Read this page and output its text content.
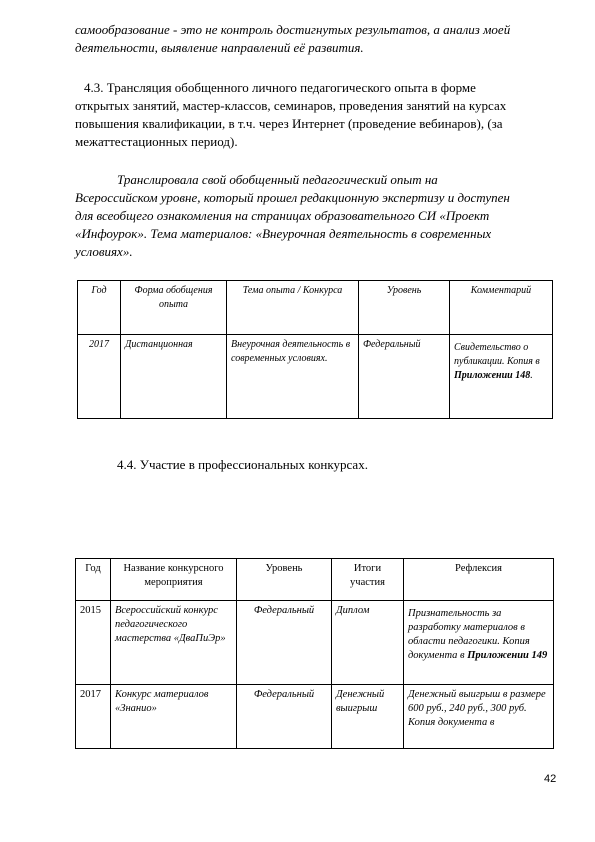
самообразование - это не контроль достигнутых результатов, а анализ моей

деятельности, выявление направлений её развития.

4.3. Трансляция обобщенного личного педагогического опыта в форме

открытых занятий, мастер-классов, семинаров, проведения занятий на курсах

повышения квалификации, в т.ч. через Интернет (проведение вебинаров), (за

межаттестационных период).

Транслировала свой обобщенный педагогический опыт на

Всероссийском уровне, который прошел редакционную экспертизу и доступен

для всеобщего ознакомления на страницах образовательного СИ «Проект

«Инфоурок». Тема материалов: «Внеурочная деятельность в современных

условиях».

Год	Форма обобщения опыта	Тема опыта / Конкурса	Уровень	Комментарий
2017	Дистанционная	Внеурочная деятельность в современных условиях.	Федеральный	Свидетельство о публикации. Копия в Приложении 148.

4.4. Участие в профессиональных конкурсах.

Год	Название конкурсного мероприятия	Уровень	Итоги участия	Рефлексия
2015	Всероссийский конкурс педагогического мастерства «ДваПиЭр»	Федеральный	Диплом	Признательность за разработку материалов в области педагогики. Копия документа в Приложении 149
2017	Конкурс материалов «Знанио»	Федеральный	Денежный выигрыш	Денежный выигрыш в размере 600 руб., 240 руб., 300 руб. Копия документа в
42
